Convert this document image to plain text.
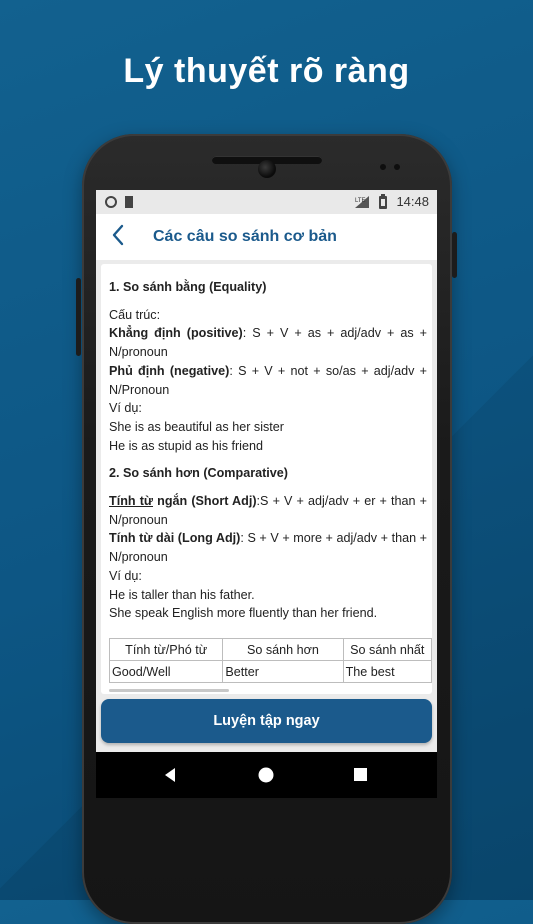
Lý thuyết rõ ràng
LTE 14:48
Các câu so sánh cơ bản

1. So sánh bằng (Equality)

Cấu trúc:

Khẳng định (positive): S + V + as + adj/adv + as + N/pronoun

Phủ định (negative): S + V + not + so/as + adj/adv + N/Pronoun

Ví dụ:

She is as beautiful as her sister

He is as stupid as his friend

2. So sánh hơn (Comparative)

Tính từ ngắn (Short Adj):S + V + adj/adv + er + than + N/pronoun

Tính từ dài (Long Adj): S + V + more + adj/adv + than + N/pronoun

Ví dụ:

He is taller than his father.

She speak English more fluently than her friend.

Tính từ/Phó từ	So sánh hơn	So sánh nhất
Good/Well	Better	The best
Luyện tập ngay
